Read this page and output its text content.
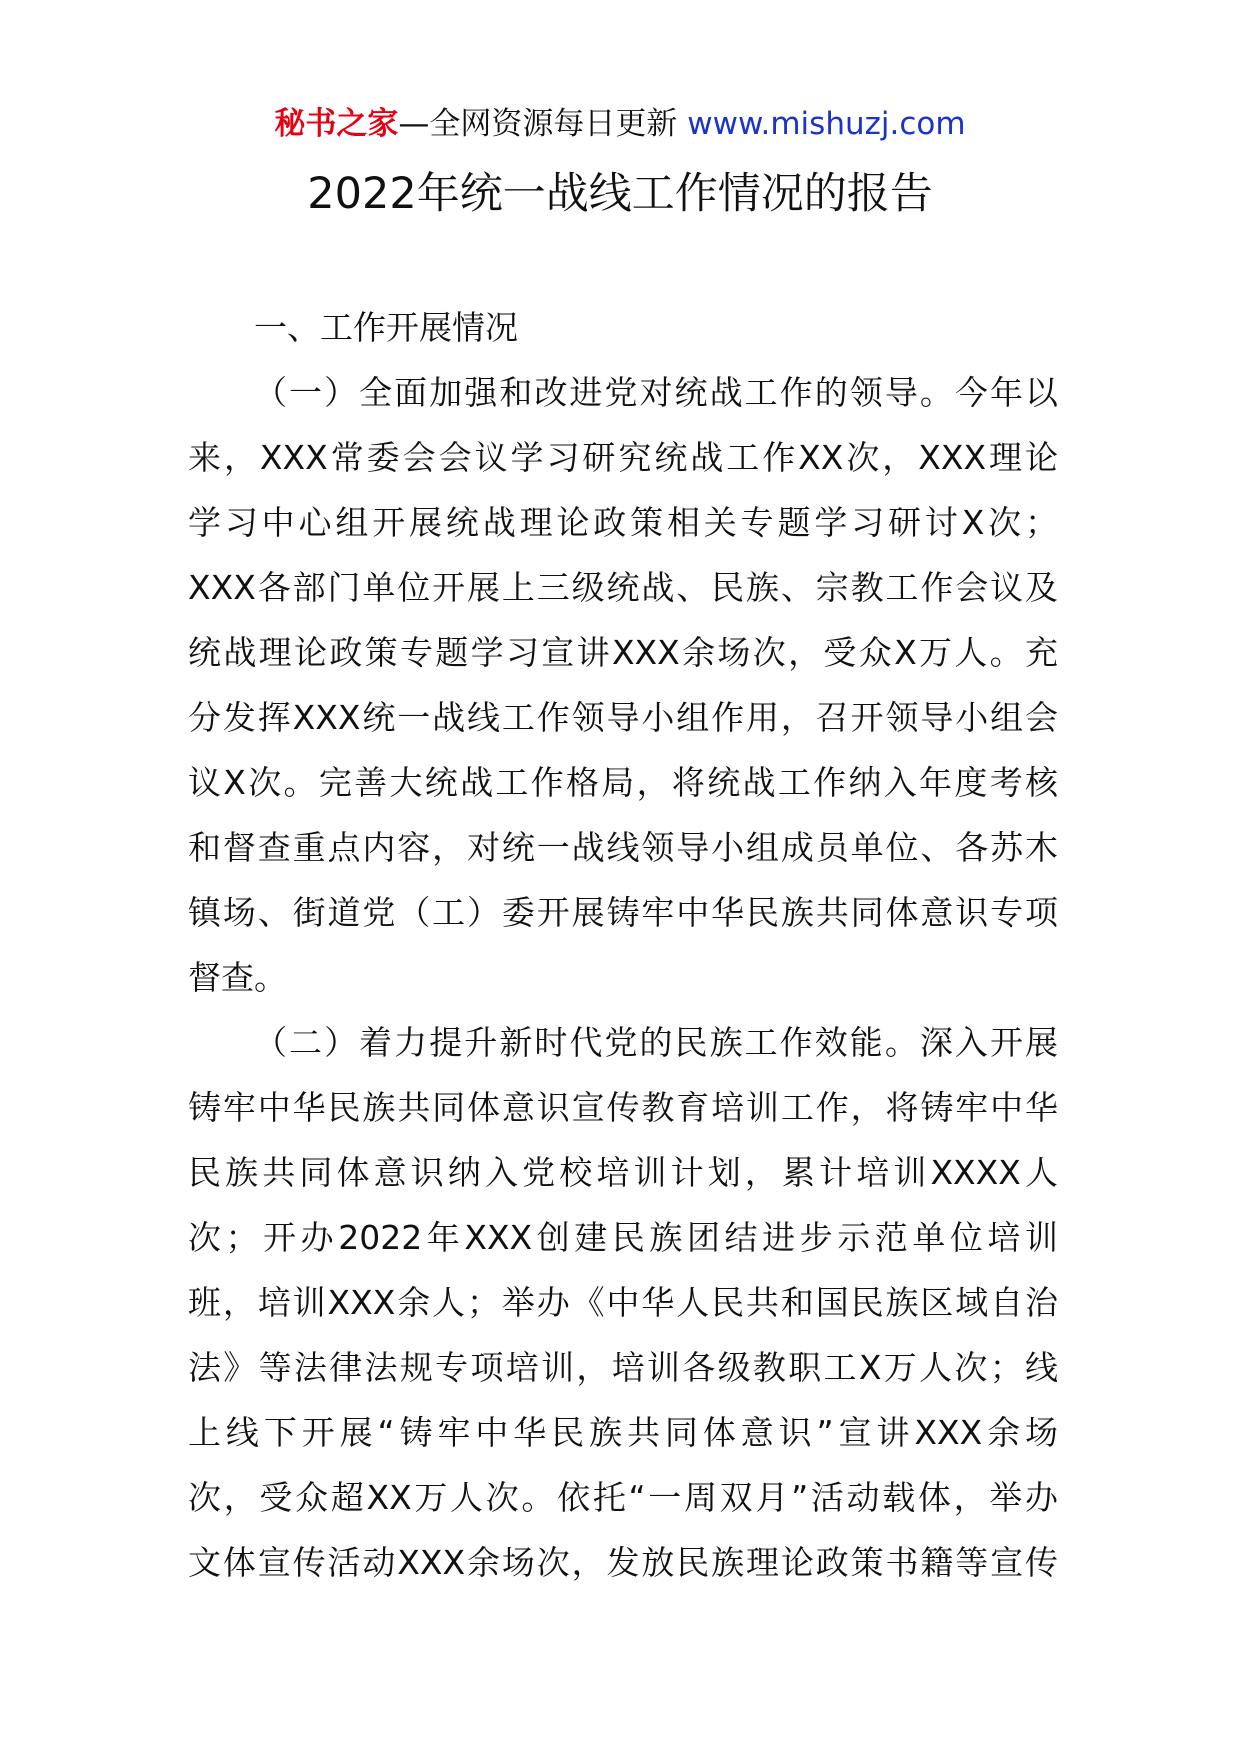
秘书之家—全网资源每日更新 www.mishuzj.com
2022年统一战线工作情况的报告
一、工作开展情况
（一）全面加强和改进党对统战工作的领导。今年以
来，XXX常委会会议学习研究统战工作XX次，XXX理论
学习中心组开展统战理论政策相关专题学习研讨X次；
XXX各部门单位开展上三级统战、民族、宗教工作会议及
统战理论政策专题学习宣讲XXX余场次，受众X万人。充
分发挥XXX统一战线工作领导小组作用，召开领导小组会
议X次。完善大统战工作格局，将统战工作纳入年度考核
和督查重点内容，对统一战线领导小组成员单位、各苏木
镇场、街道党（工）委开展铸牢中华民族共同体意识专项
督查。
（二）着力提升新时代党的民族工作效能。深入开展
铸牢中华民族共同体意识宣传教育培训工作，将铸牢中华
民族共同体意识纳入党校培训计划，累计培训XXXX人
次；开办2022年XXX创建民族团结进步示范单位培训
班，培训XXX余人；举办《中华人民共和国民族区域自治
法》等法律法规专项培训，培训各级教职工X万人次；线
上线下开展“铸牢中华民族共同体意识”宣讲XXX余场
次，受众超XX万人次。依托“一周双月”活动载体，举办
文体宣传活动XXX余场次，发放民族理论政策书籍等宣传
